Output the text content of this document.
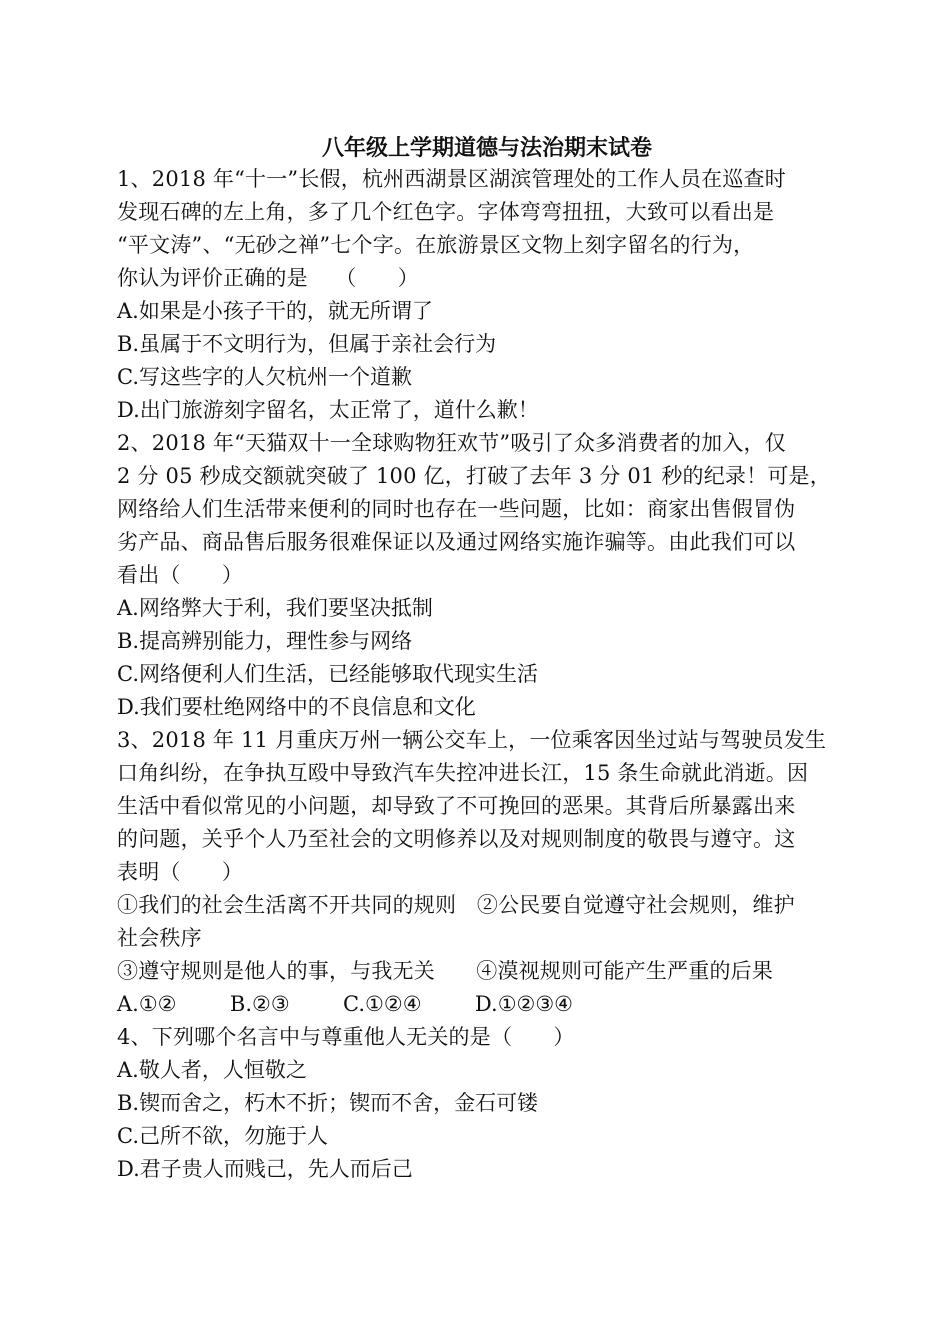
八年级上学期道德与法治期末试卷
1、2018 年“十一”长假，杭州西湖景区湖滨管理处的工作人员在巡查时
发现石碑的左上角，多了几个红色字。字体弯弯扭扭，大致可以看出是
“平文涛”、“无砂之禅”七个字。在旅游景区文物上刻字留名的行为，
你认为评价正确的是    （      ）
A.如果是小孩子干的，就无所谓了
B.虽属于不文明行为，但属于亲社会行为
C.写这些字的人欠杭州一个道歉
D.出门旅游刻字留名，太正常了，道什么歉！
2、2018 年“天猫双十一全球购物狂欢节”吸引了众多消费者的加入，仅
2 分 05 秒成交额就突破了 100 亿，打破了去年 3 分 01 秒的纪录！可是，
网络给人们生活带来便利的同时也存在一些问题，比如：商家出售假冒伪
劣产品、商品售后服务很难保证以及通过网络实施诈骗等。由此我们可以
看出（      ）
A.网络弊大于利，我们要坚决抵制
B.提高辨别能力，理性参与网络
C.网络便利人们生活，已经能够取代现实生活
D.我们要杜绝网络中的不良信息和文化
3、2018 年 11 月重庆万州一辆公交车上，一位乘客因坐过站与驾驶员发生
口角纠纷，在争执互殴中导致汽车失控冲进长江，15 条生命就此消逝。因
生活中看似常见的小问题，却导致了不可挽回的恶果。其背后所暴露出来
的问题，关乎个人乃至社会的文明修养以及对规则制度的敬畏与遵守。这
表明（      ）
①我们的社会生活离不开共同的规则   ②公民要自觉遵守社会规则，维护
社会秩序
③遵守规则是他人的事，与我无关      ④漠视规则可能产生严重的后果
A.①②        B.②③        C.①②④        D.①②③④
4、下列哪个名言中与尊重他人无关的是（      ）
A.敬人者，人恒敬之
B.锲而舍之，朽木不折；锲而不舍，金石可镂
C.己所不欲，勿施于人
D.君子贵人而贱己，先人而后己
